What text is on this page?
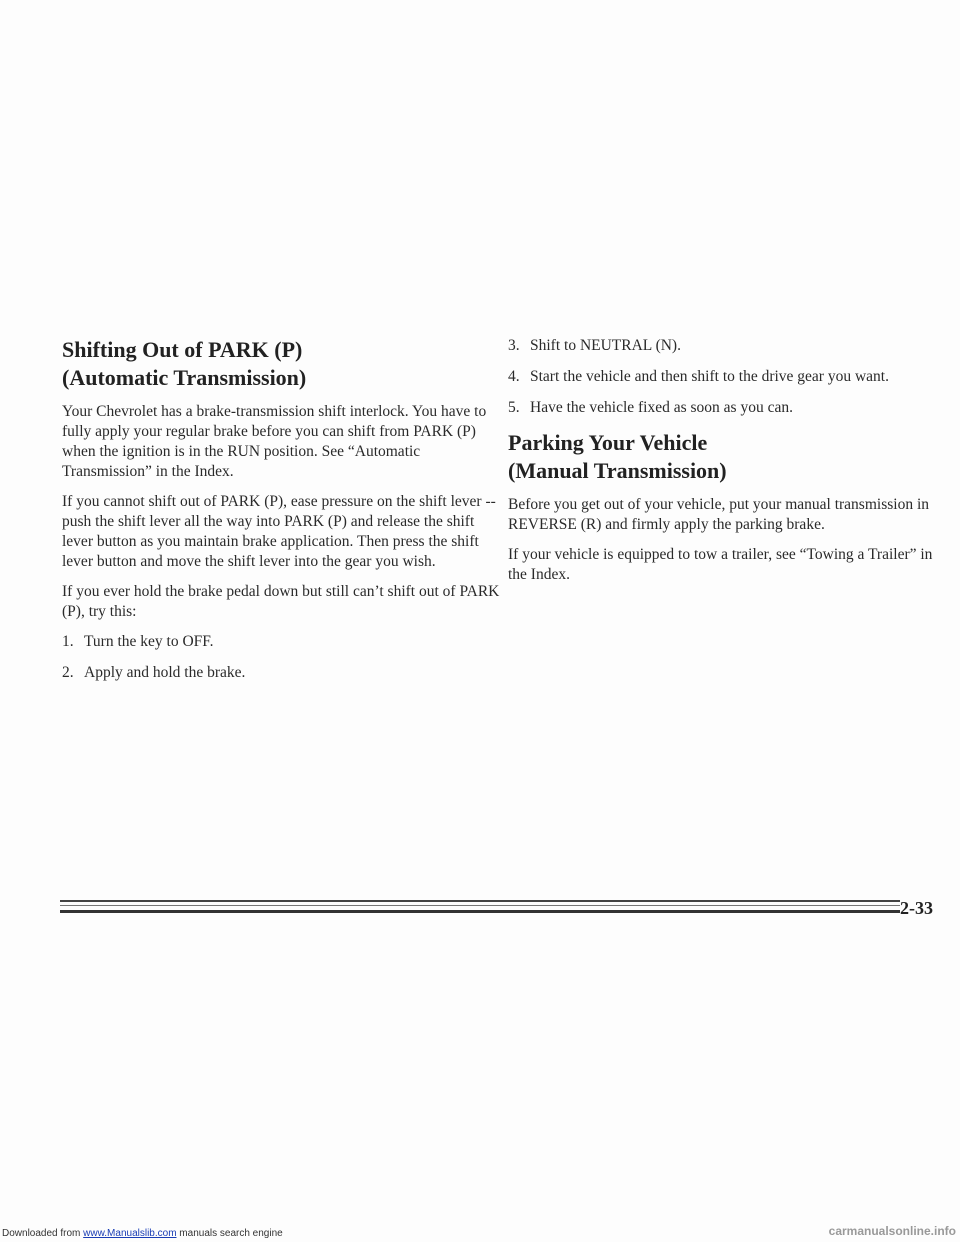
Shifting Out of PARK (P)
(Automatic Transmission)

Your Chevrolet has a brake-transmission shift interlock. You have to fully apply your regular brake before you can shift from PARK (P) when the ignition is in the RUN position. See “Automatic Transmission” in the Index.

If you cannot shift out of PARK (P), ease pressure on the shift lever -- push the shift lever all the way into PARK (P) and release the shift lever button as you maintain brake application. Then press the shift lever button and move the shift lever into the gear you wish.

If you ever hold the brake pedal down but still can’t shift out of PARK (P), try this:

1. Turn the key to OFF.
2. Apply and hold the brake.
3. Shift to NEUTRAL (N).
4. Start the vehicle and then shift to the drive gear you want.
5. Have the vehicle fixed as soon as you can.
Parking Your Vehicle
(Manual Transmission)

Before you get out of your vehicle, put your manual transmission in REVERSE (R) and firmly apply the parking brake.

If your vehicle is equipped to tow a trailer, see “Towing a Trailer” in the Index.

2-33
Downloaded from www.Manualslib.com manuals search engine	carmanualsonline.info
